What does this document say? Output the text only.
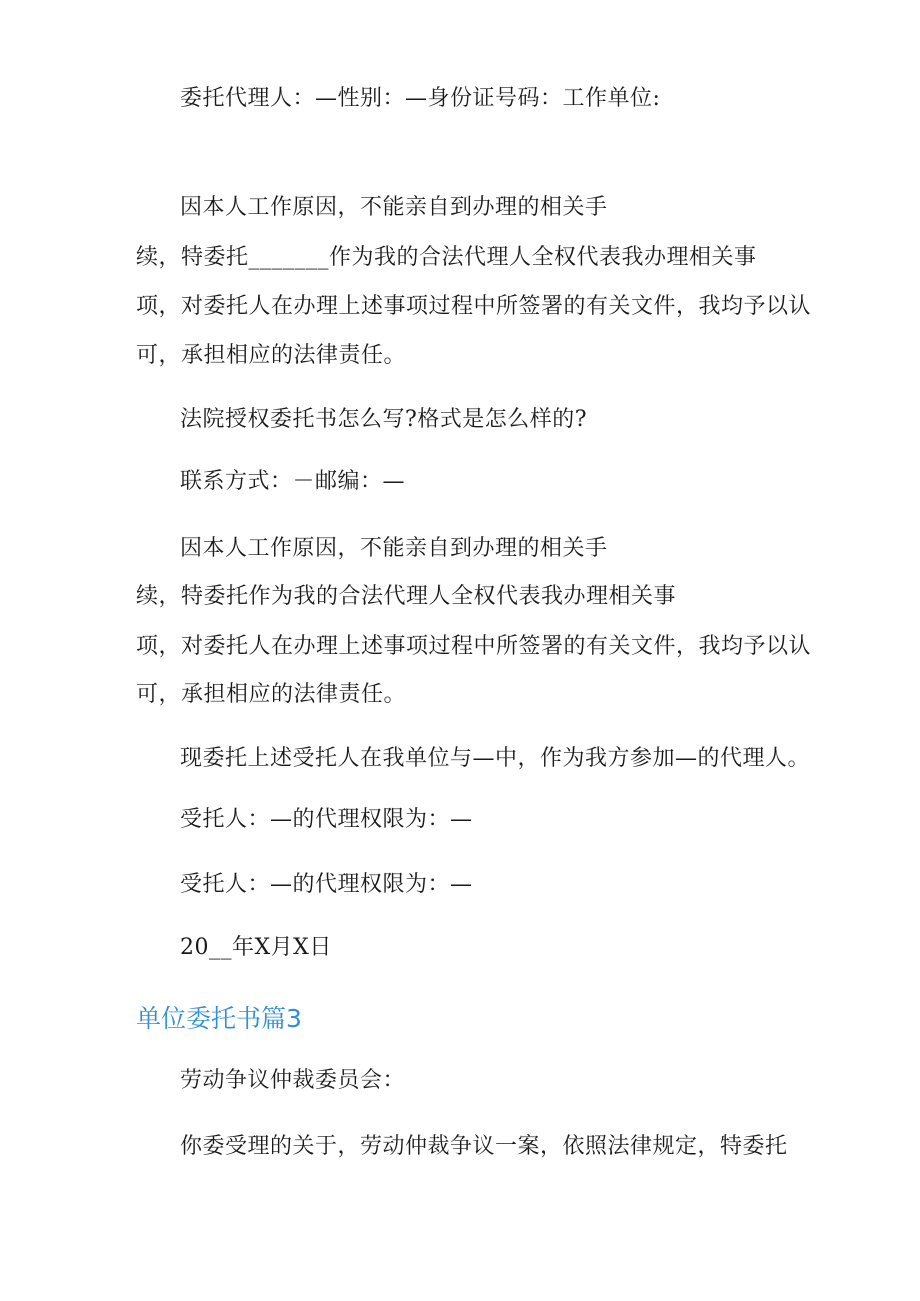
委托代理人：—性别：—身份证号码：工作单位:
因本人工作原因，不能亲自到办理的相关手
续，特委托_______作为我的合法代理人全权代表我办理相关事
项，对委托人在办理上述事项过程中所签署的有关文件，我均予以认
可，承担相应的法律责任。
法院授权委托书怎么写?格式是怎么样的?
联系方式：－邮编：—
因本人工作原因，不能亲自到办理的相关手
续，特委托作为我的合法代理人全权代表我办理相关事
项，对委托人在办理上述事项过程中所签署的有关文件，我均予以认
可，承担相应的法律责任。
现委托上述受托人在我单位与—中，作为我方参加—的代理人。
受托人：—的代理权限为：—
受托人：—的代理权限为：—
20__年X月X日
单位委托书篇3
劳动争议仲裁委员会：
你委受理的关于，劳动仲裁争议一案，依照法律规定，特委托
